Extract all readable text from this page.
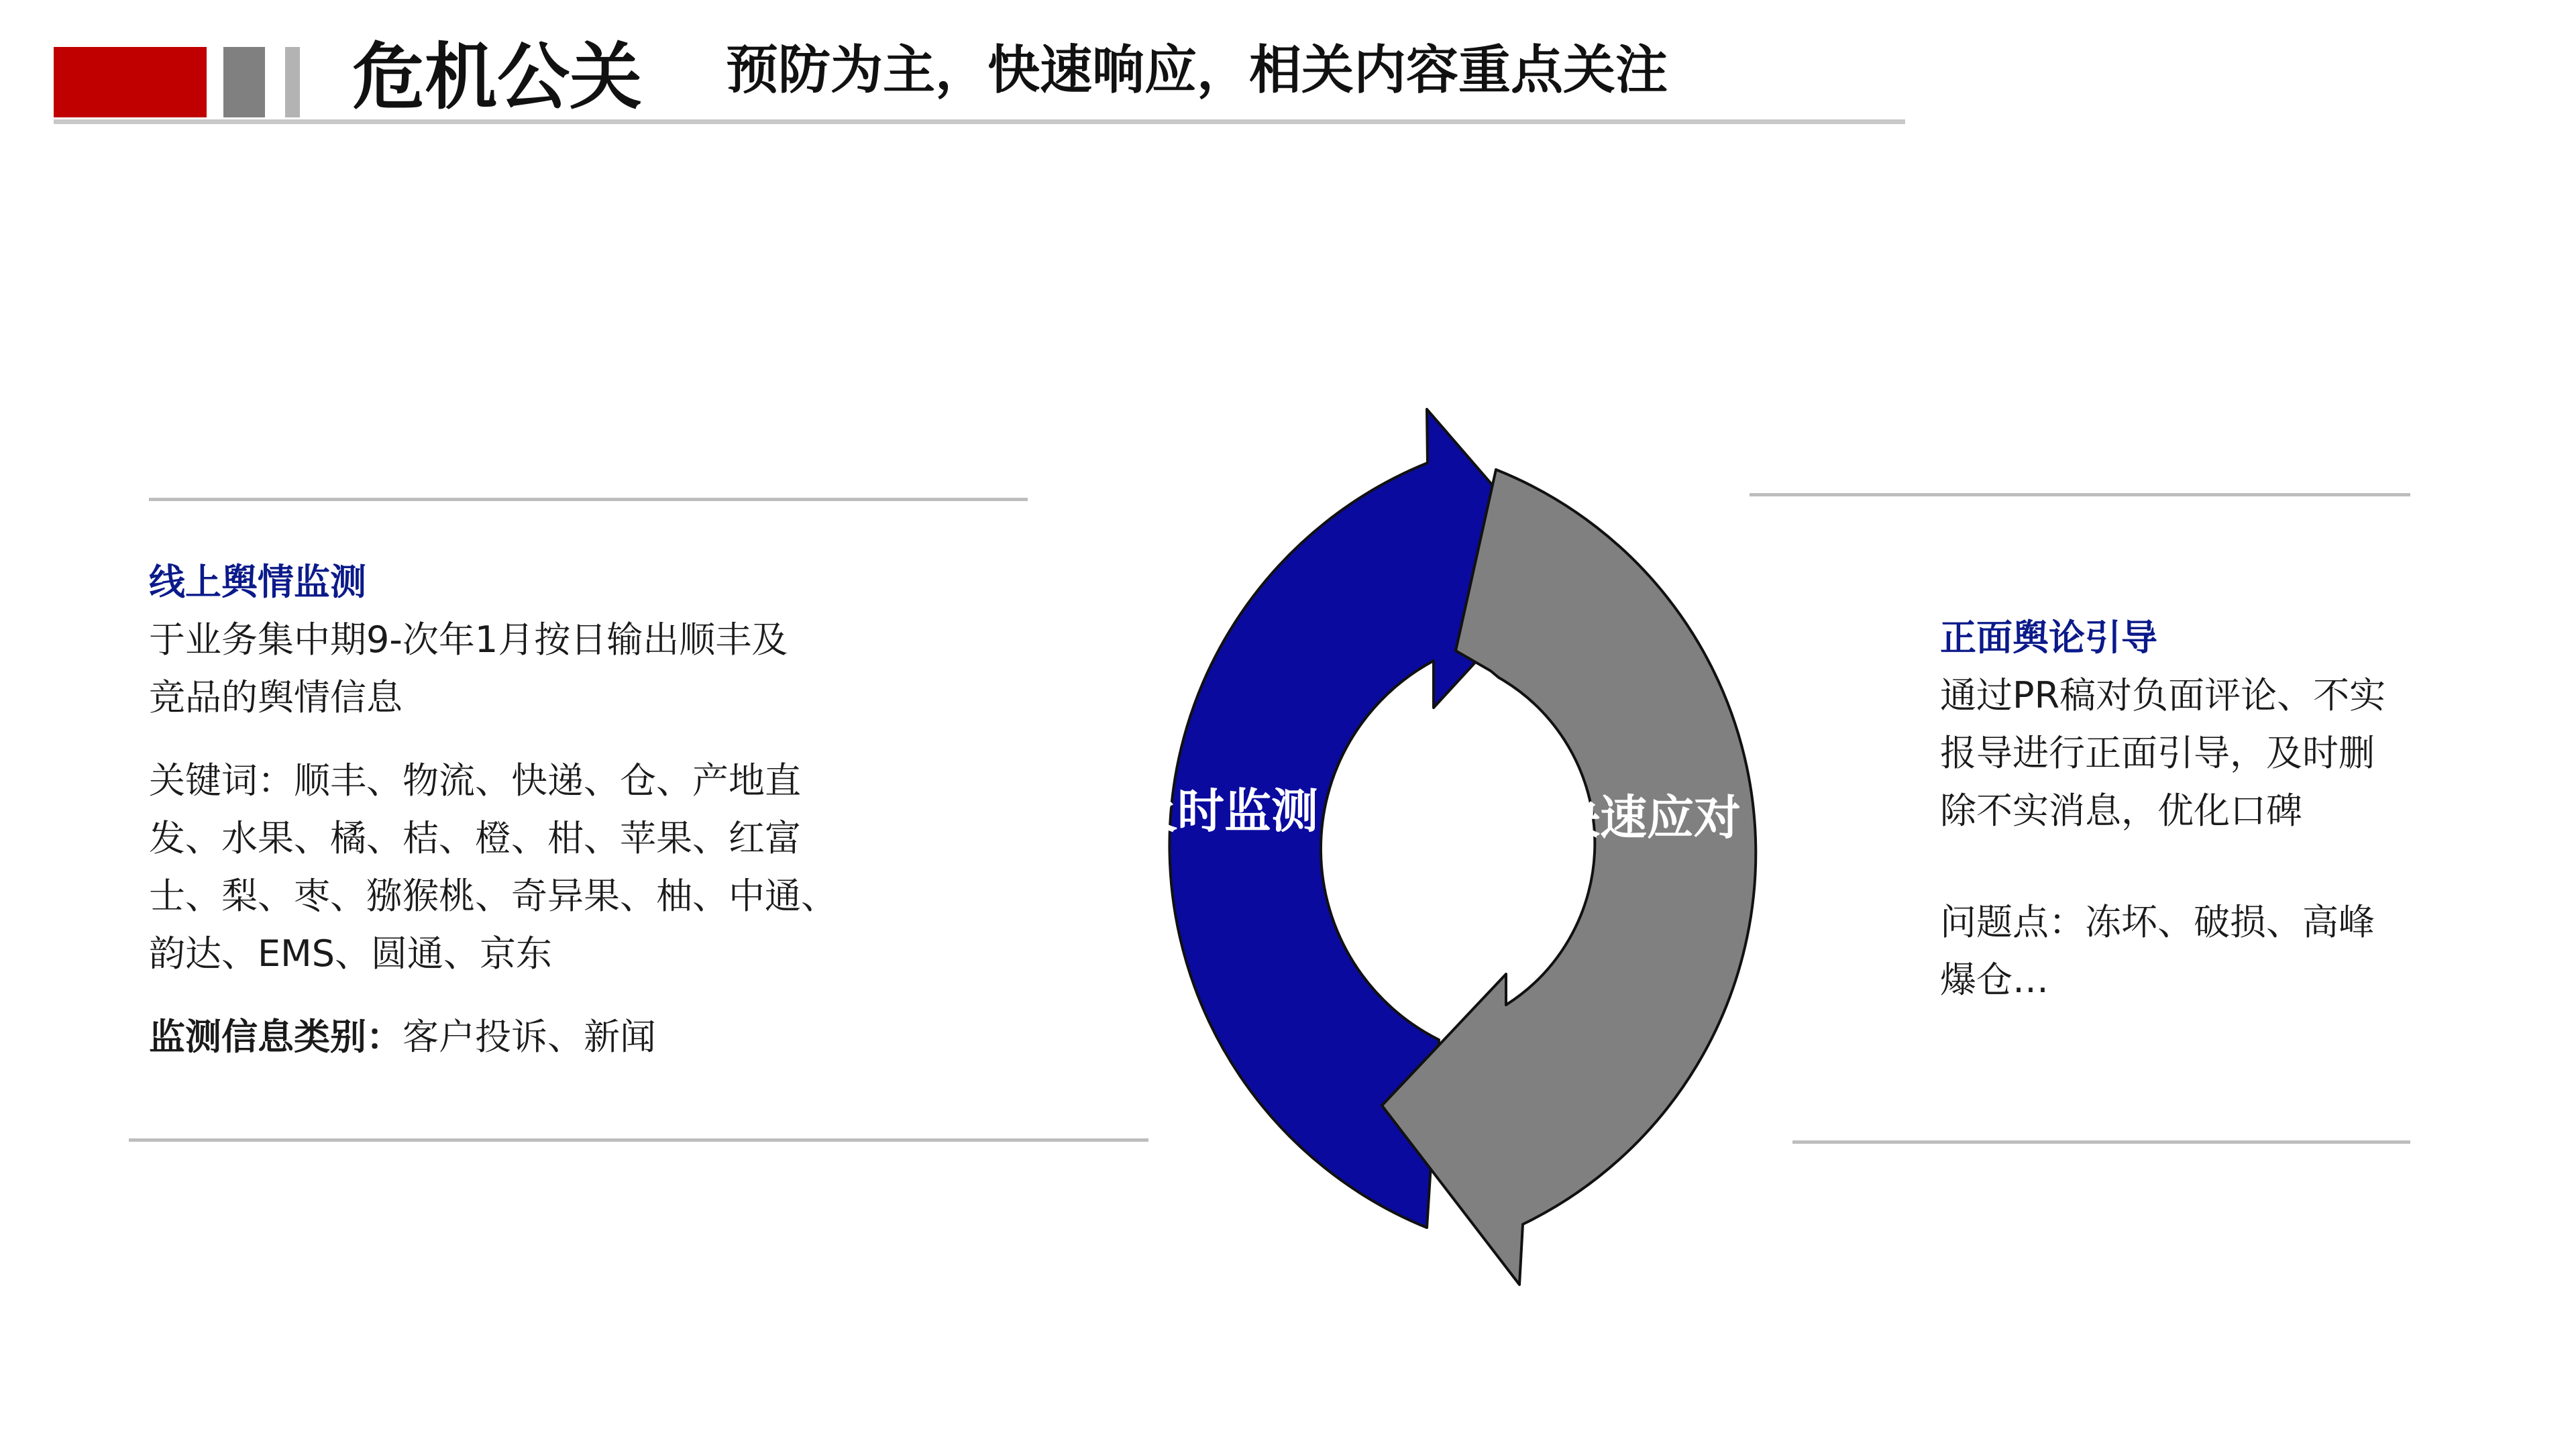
危机公关 预防为主，快速响应，相关内容重点关注
线上舆情监测
于业务集中期9-次年1月按日输出顺丰及
竞品的舆情信息
关键词：顺丰、物流、快递、仓、产地直
发、水果、橘、桔、橙、柑、苹果、红富
士、梨、枣、猕猴桃、奇异果、柚、中通、
韵达、EMS、圆通、京东
监测信息类别：客户投诉、新闻
正面舆论引导
通过PR稿对负面评论、不实
报导进行正面引导，及时删
除不实消息，优化口碑
问题点：冻坏、破损、高峰
爆仓…
及时监测	快速应对
